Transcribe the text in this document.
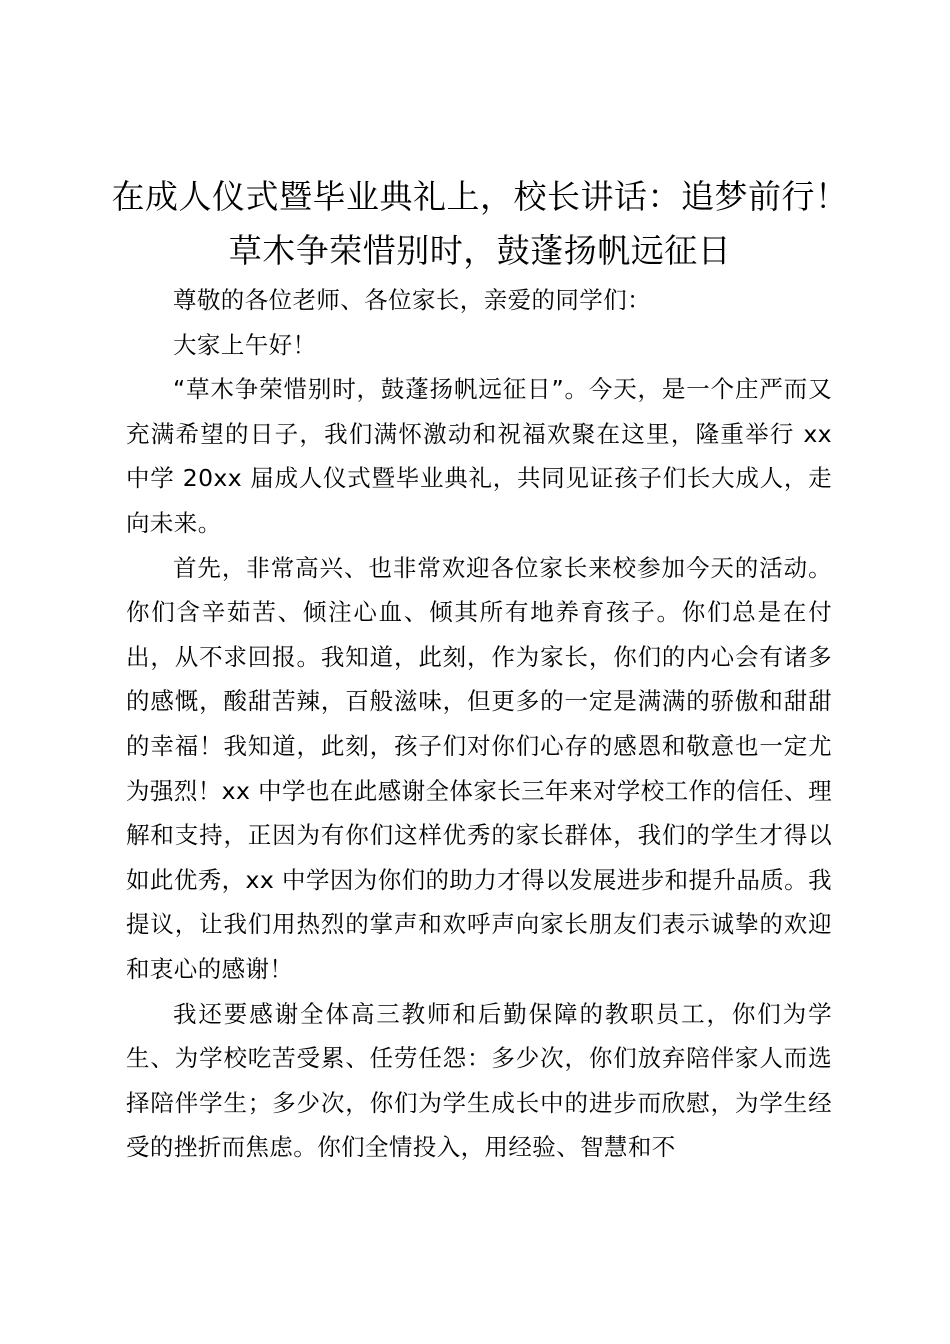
在成人仪式暨毕业典礼上，校长讲话：追梦前行！草木争荣惜别时，鼓蓬扬帆远征日

尊敬的各位老师、各位家长，亲爱的同学们：

大家上午好！

“草木争荣惜别时，鼓蓬扬帆远征日”。今天，是一个庄严而又充满希望的日子，我们满怀激动和祝福欢聚在这里，隆重举行 xx 中学 20xx 届成人仪式暨毕业典礼，共同见证孩子们长大成人，走向未来。

首先，非常高兴、也非常欢迎各位家长来校参加今天的活动。你们含辛茹苦、倾注心血、倾其所有地养育孩子。你们总是在付出，从不求回报。我知道，此刻，作为家长，你们的内心会有诸多的感慨，酸甜苦辣，百般滋味，但更多的一定是满满的骄傲和甜甜的幸福！我知道，此刻，孩子们对你们心存的感恩和敬意也一定尤为强烈！xx 中学也在此感谢全体家长三年来对学校工作的信任、理解和支持，正因为有你们这样优秀的家长群体，我们的学生才得以如此优秀，xx 中学因为你们的助力才得以发展进步和提升品质。我提议，让我们用热烈的掌声和欢呼声向家长朋友们表示诚挚的欢迎和衷心的感谢！

我还要感谢全体高三教师和后勤保障的教职员工，你们为学生、为学校吃苦受累、任劳任怨：多少次，你们放弃陪伴家人而选择陪伴学生；多少次，你们为学生成长中的进步而欣慰，为学生经受的挫折而焦虑。你们全情投入，用经验、智慧和不
